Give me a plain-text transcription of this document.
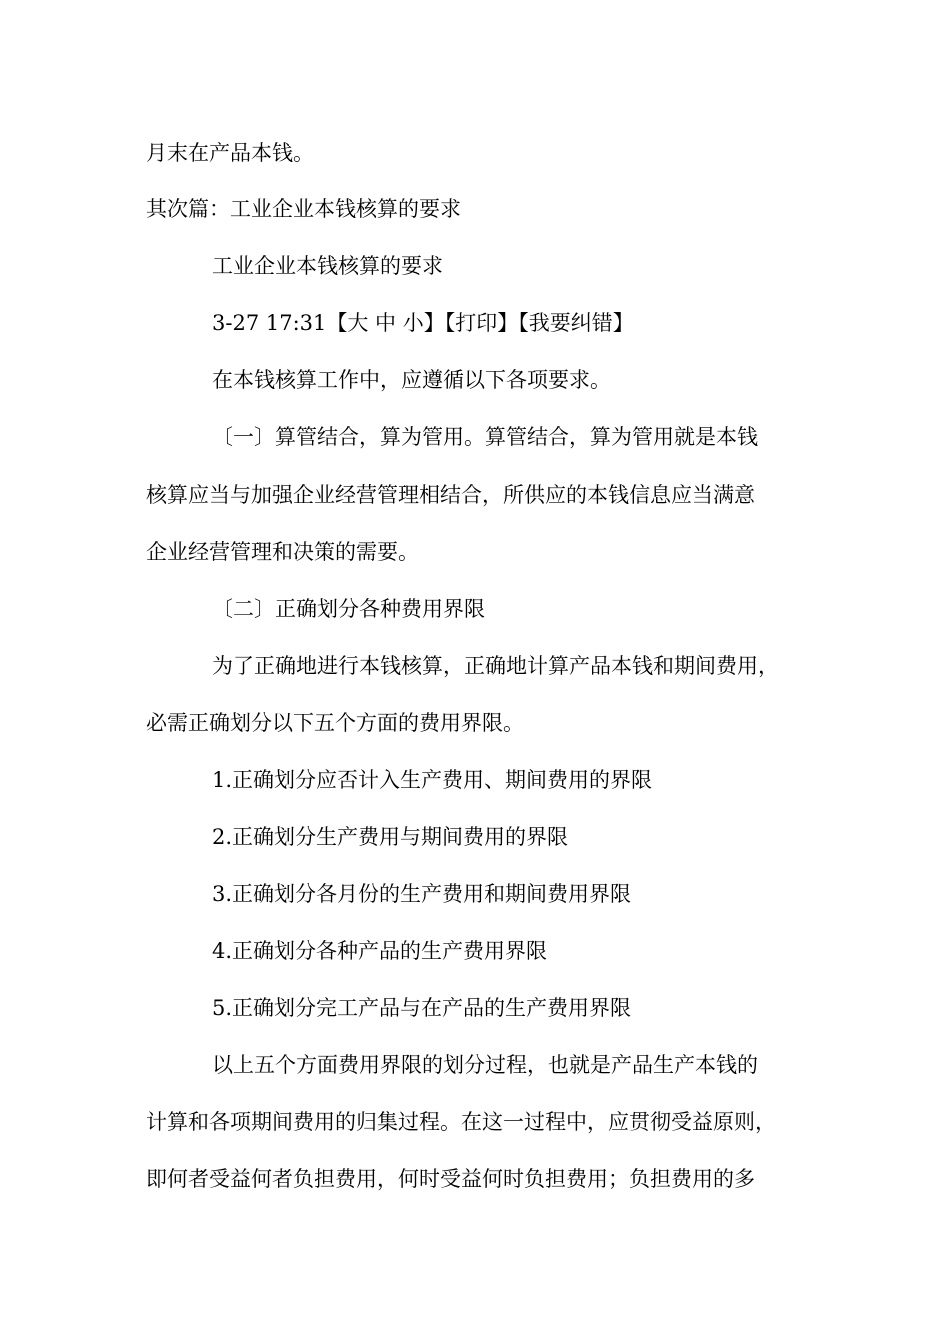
月末在产品本钱。
其次篇：工业企业本钱核算的要求
工业企业本钱核算的要求
3-27 17:31【大 中 小】【打印】【我要纠错】
在本钱核算工作中，应遵循以下各项要求。
〔一〕算管结合，算为管用。算管结合，算为管用就是本钱
核算应当与加强企业经营管理相结合，所供应的本钱信息应当满意
企业经营管理和决策的需要。
〔二〕正确划分各种费用界限
为了正确地进行本钱核算，正确地计算产品本钱和期间费用，
必需正确划分以下五个方面的费用界限。
1.正确划分应否计入生产费用、期间费用的界限
2.正确划分生产费用与期间费用的界限
3.正确划分各月份的生产费用和期间费用界限
4.正确划分各种产品的生产费用界限
5.正确划分完工产品与在产品的生产费用界限
以上五个方面费用界限的划分过程，也就是产品生产本钱的
计算和各项期间费用的归集过程。在这一过程中，应贯彻受益原则，
即何者受益何者负担费用，何时受益何时负担费用；负担费用的多
